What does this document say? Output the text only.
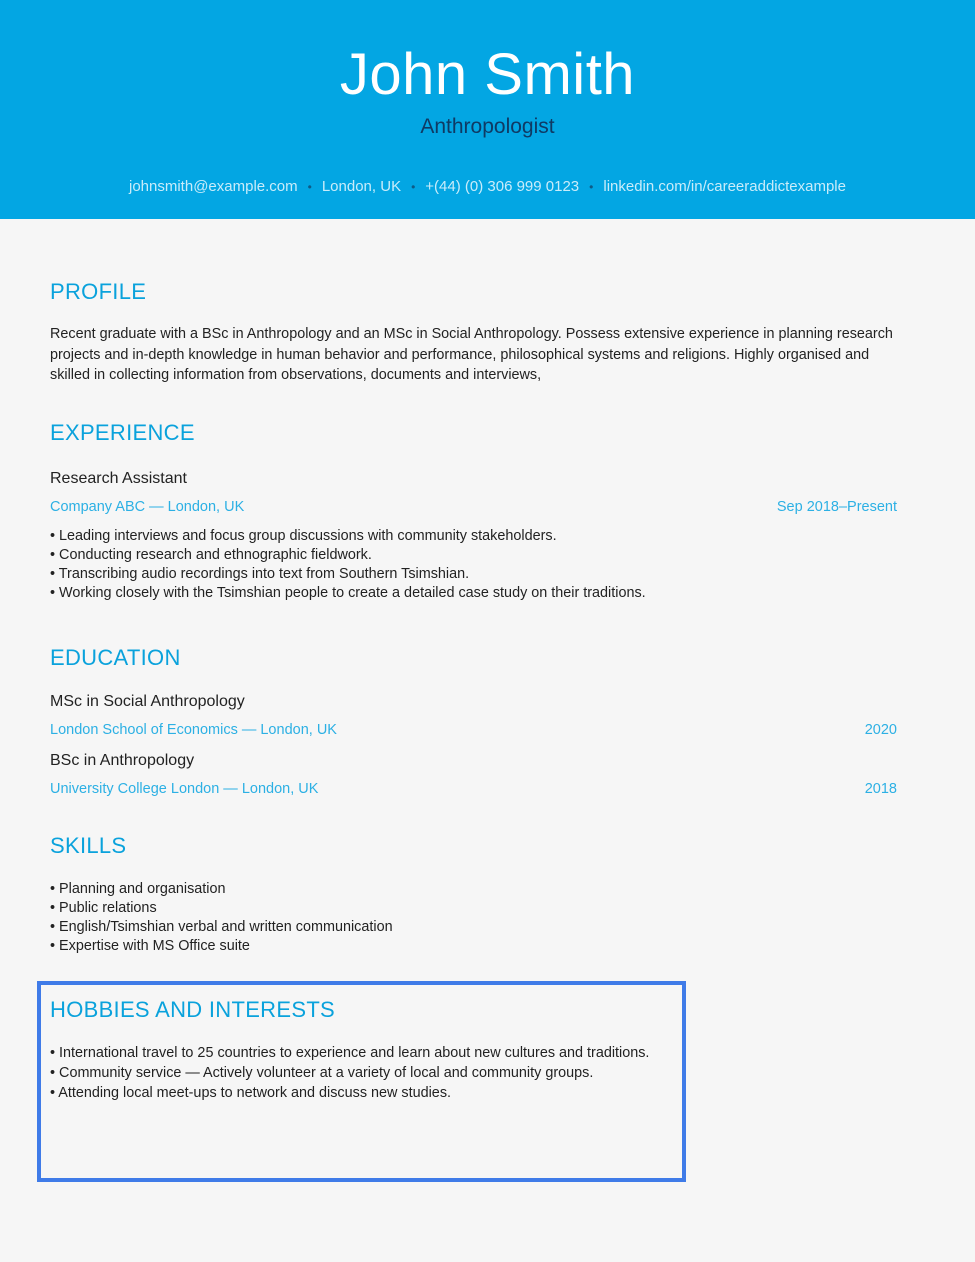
John Smith
Anthropologist
johnsmith@example.com • London, UK • +(44) (0) 306 999 0123 • linkedin.com/in/careeraddictexample
PROFILE
Recent graduate with a BSc in Anthropology and an MSc in Social Anthropology. Possess extensive experience in planning research projects and in-depth knowledge in human behavior and performance, philosophical systems and religions. Highly organised and skilled in collecting information from observations, documents and interviews,
EXPERIENCE
Research Assistant
Company ABC — London, UK	Sep 2018–Present
• Leading interviews and focus group discussions with community stakeholders.
• Conducting research and ethnographic fieldwork.
• Transcribing audio recordings into text from Southern Tsimshian.
• Working closely with the Tsimshian people to create a detailed case study on their traditions.
EDUCATION
MSc in Social Anthropology
London School of Economics — London, UK	2020
BSc in Anthropology
University College London — London, UK	2018
SKILLS
• Planning and organisation
• Public relations
• English/Tsimshian verbal and written communication
• Expertise with MS Office suite
HOBBIES AND INTERESTS
• International travel to 25 countries to experience and learn about new cultures and traditions.
• Community service — Actively volunteer at a variety of local and community groups.
• Attending local meet-ups to network and discuss new studies.
